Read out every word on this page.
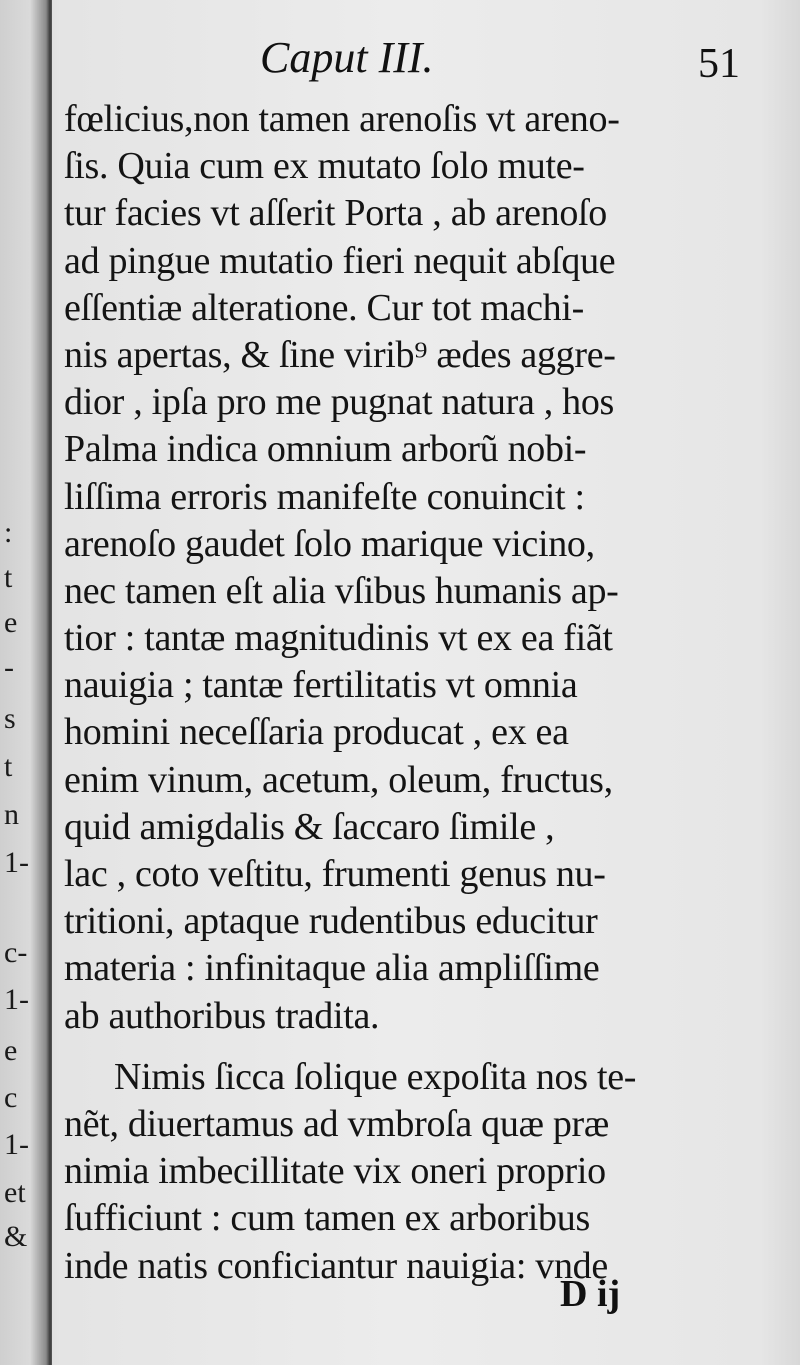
:
t
e
-
s
t
n
1-
c-
1-
e
c
1-
et
&
Caput III.	51
fœlicius,non tamen arenoſis vt areno-
ſis. Quia cum ex mutato ſolo mute-
tur facies vt aſſerit Porta , ab arenoſo
ad pingue mutatio fieri nequit abſque
eſſentiæ alteratione. Cur tot machi-
nis apertas, & ſine virib⁹ ædes aggre-
dior , ipſa pro me pugnat natura , hos
Palma indica omnium arborũ nobi-
liſſima erroris manifeſte conuincit :
arenoſo gaudet ſolo marique vicino,
nec tamen eſt alia vſibus humanis ap-
tior : tantæ magnitudinis vt ex ea fiãt
nauigia ; tantæ fertilitatis vt omnia
homini neceſſaria producat , ex ea
enim vinum, acetum, oleum, fructus,
quid amigdalis & ſaccaro ſimile ,
lac , coto veſtitu, frumenti genus nu-
tritioni, aptaque rudentibus educitur
materia : infinitaque alia ampliſſime
ab authoribus tradita.
Nimis ſicca ſolique expoſita nos te-
nẽt, diuertamus ad vmbroſa quæ præ
nimia imbecillitate vix oneri proprio
ſufficiunt : cum tamen ex arboribus
inde natis conficiantur nauigia: vnde
D ij
